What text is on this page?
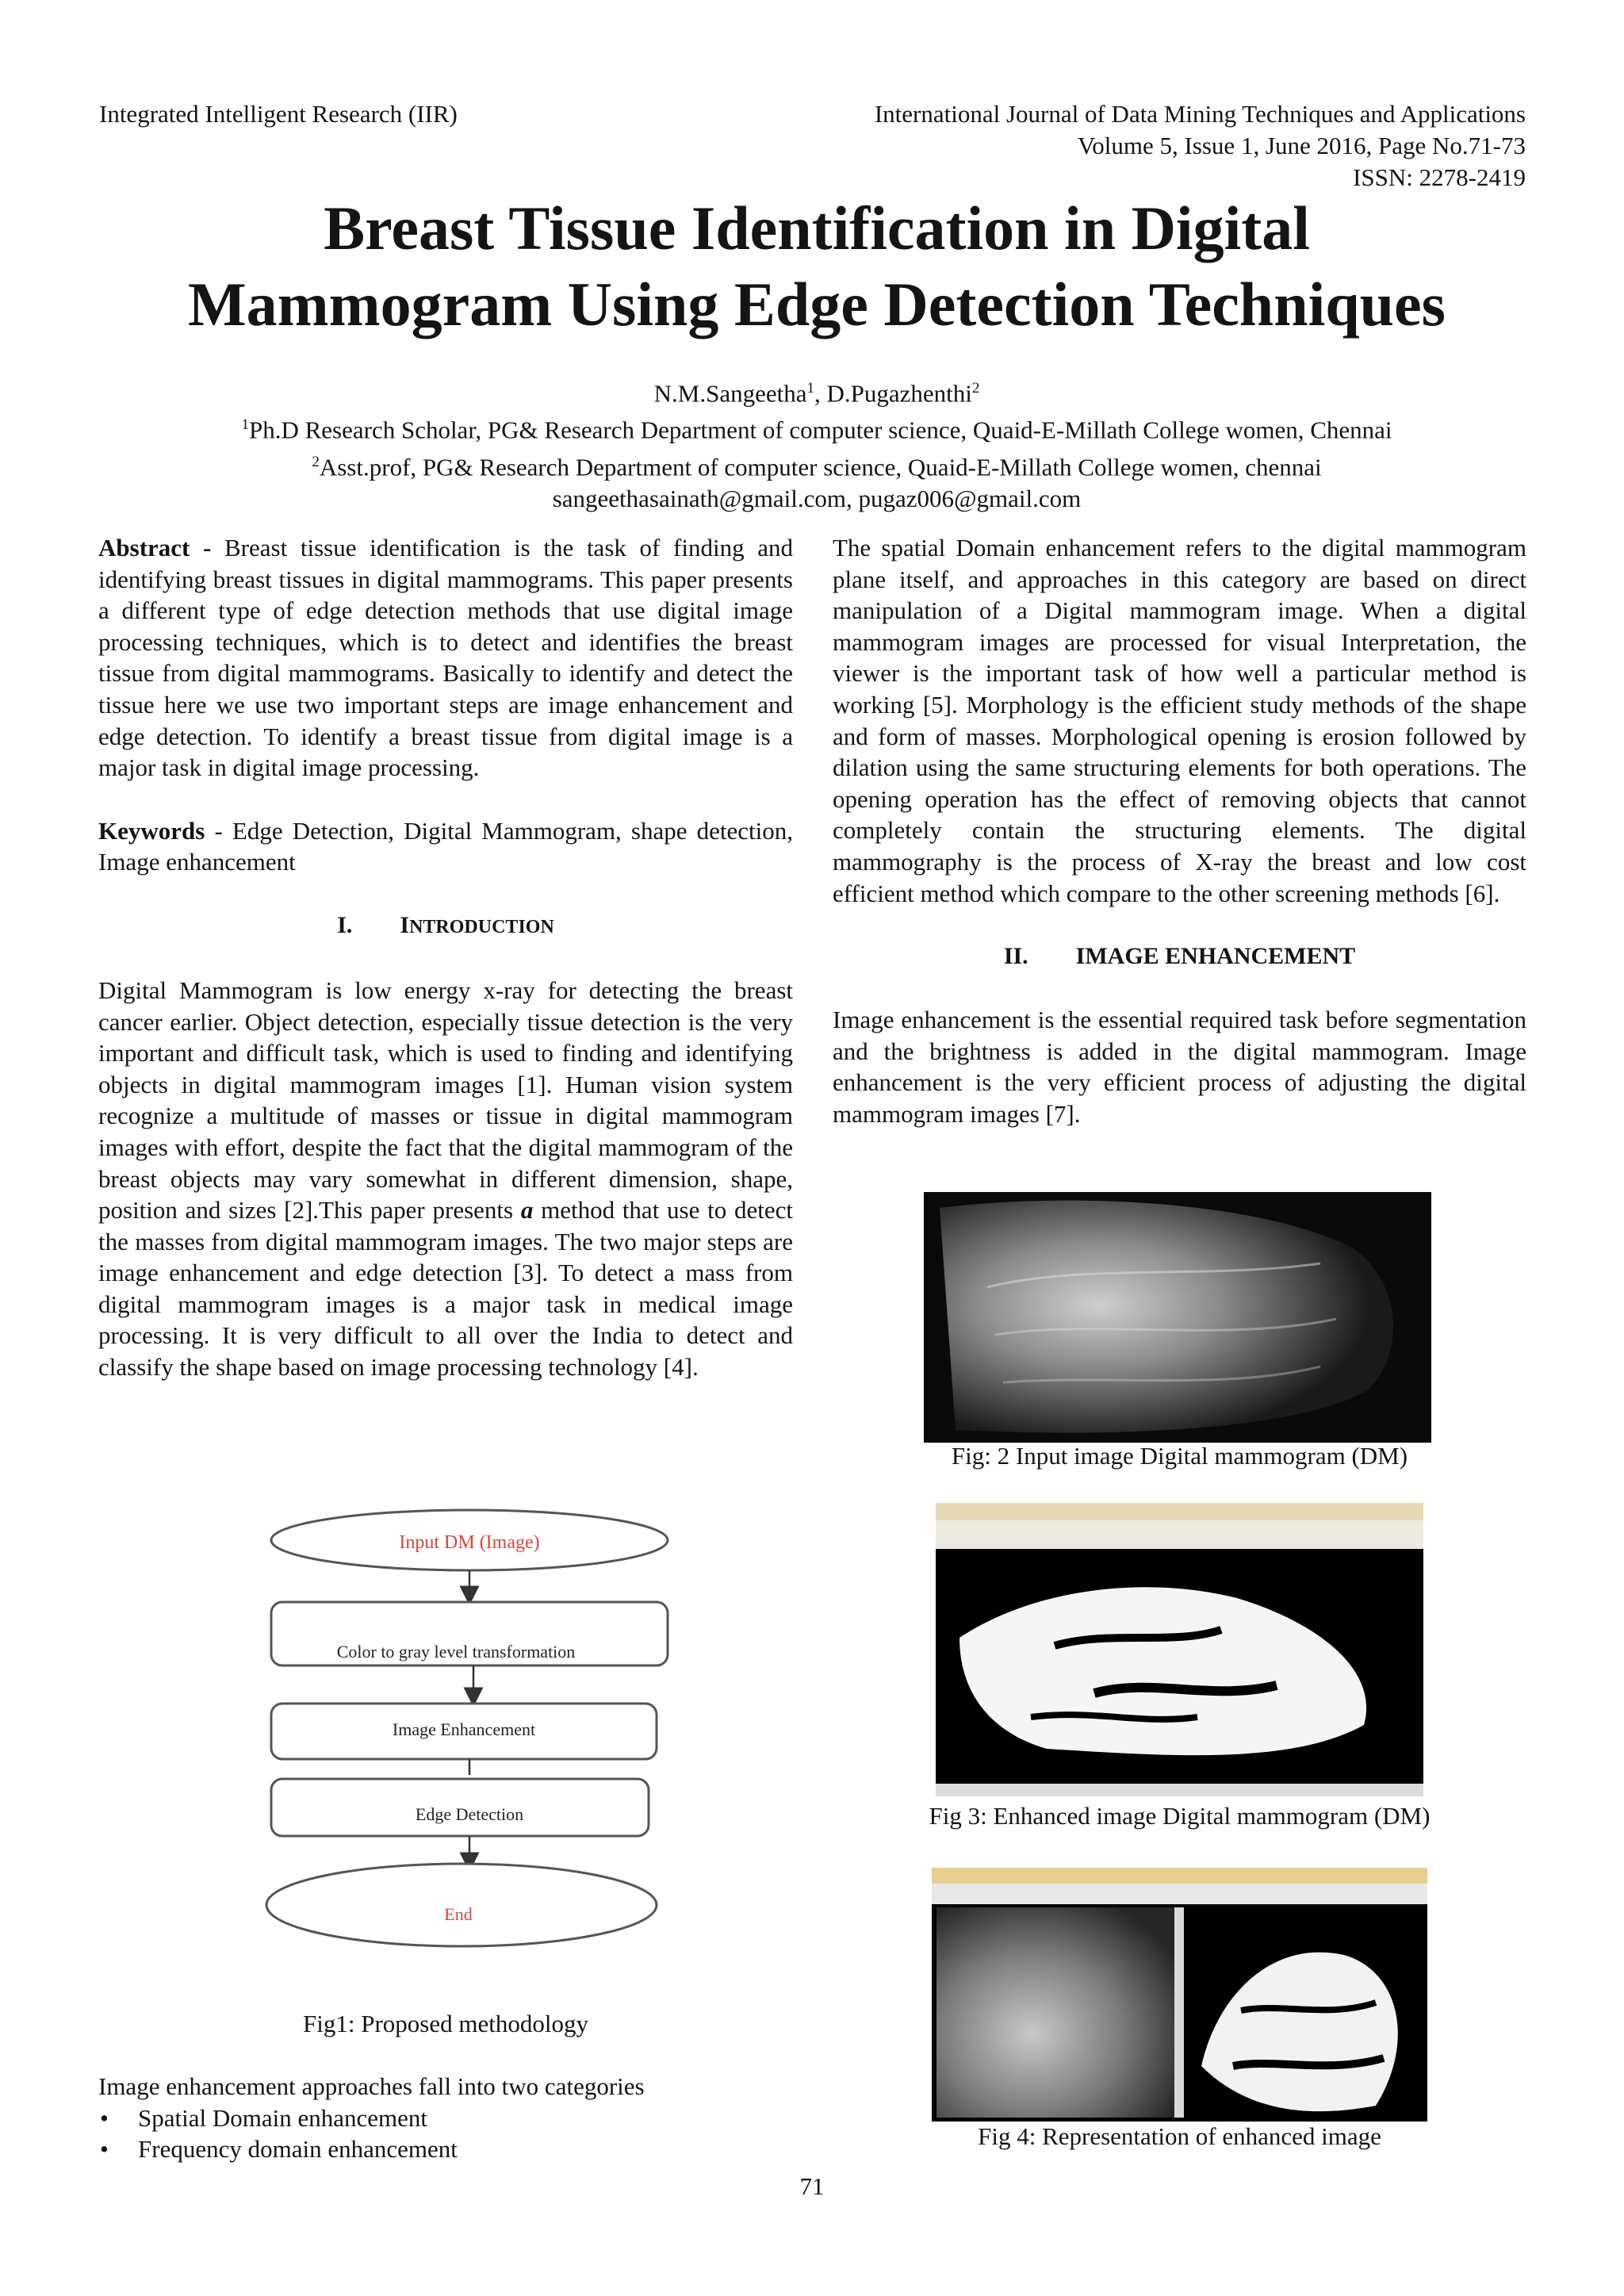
Integrated Intelligent Research (IIR)	International Journal of Data Mining Techniques and Applications
Volume 5, Issue 1, June 2016, Page No.71-73
ISSN: 2278-2419
Breast Tissue Identification in Digital
Mammogram Using Edge Detection Techniques
N.M.Sangeetha$^1$, D.Pugazhenthi$^2$
$^1$Ph.D Research Scholar, PG& Research Department of computer science, Quaid-E-Millath College women, Chennai
$^2$Asst.prof, PG& Research Department of computer science, Quaid-E-Millath College women, chennai
sangeethasainath@gmail.com, pugaz006@gmail.com

Abstract - Breast tissue identification is the task of finding and identifying breast tissues in digital mammograms. This paper presents a different type of edge detection methods that use digital image processing techniques, which is to detect and identifies the breast tissue from digital mammograms. Basically to identify and detect the tissue here we use two important steps are image enhancement and edge detection. To identify a breast tissue from digital image is a major task in digital image processing.

Keywords - Edge Detection, Digital Mammogram, shape detection, Image enhancement

I. INTRODUCTION

Digital Mammogram is low energy x-ray for detecting the breast cancer earlier. Object detection, especially tissue detection is the very important and difficult task, which is used to finding and identifying objects in digital mammogram images [1]. Human vision system recognize a multitude of masses or tissue in digital mammogram images with effort, despite the fact that the digital mammogram of the breast objects may vary somewhat in different dimension, shape, position and sizes [2].This paper presents a method that use to detect the masses from digital mammogram images. The two major steps are image enhancement and edge detection [3]. To detect a mass from digital mammogram images is a major task in medical image processing. It is very difficult to all over the India to detect and classify the shape based on image processing technology [4].

Input DM (Image)
Color to gray level transformation
Image Enhancement
Edge Detection
End
Fig1: Proposed methodology

Image enhancement approaches fall into two categories

• Spatial Domain enhancement
• Frequency domain enhancement

The spatial Domain enhancement refers to the digital mammogram plane itself, and approaches in this category are based on direct manipulation of a Digital mammogram image. When a digital mammogram images are processed for visual Interpretation, the viewer is the important task of how well a particular method is working [5]. Morphology is the efficient study methods of the shape and form of masses. Morphological opening is erosion followed by dilation using the same structuring elements for both operations. The opening operation has the effect of removing objects that cannot completely contain the structuring elements. The digital mammography is the process of X-ray the breast and low cost efficient method which compare to the other screening methods [6].

II. IMAGE ENHANCEMENT

Image enhancement is the essential required task before segmentation and the brightness is added in the digital mammogram. Image enhancement is the very efficient process of adjusting the digital mammogram images [7].

Fig: 2 Input image Digital mammogram (DM)
Fig 3: Enhanced image Digital mammogram (DM)
Fig 4: Representation of enhanced image
71
